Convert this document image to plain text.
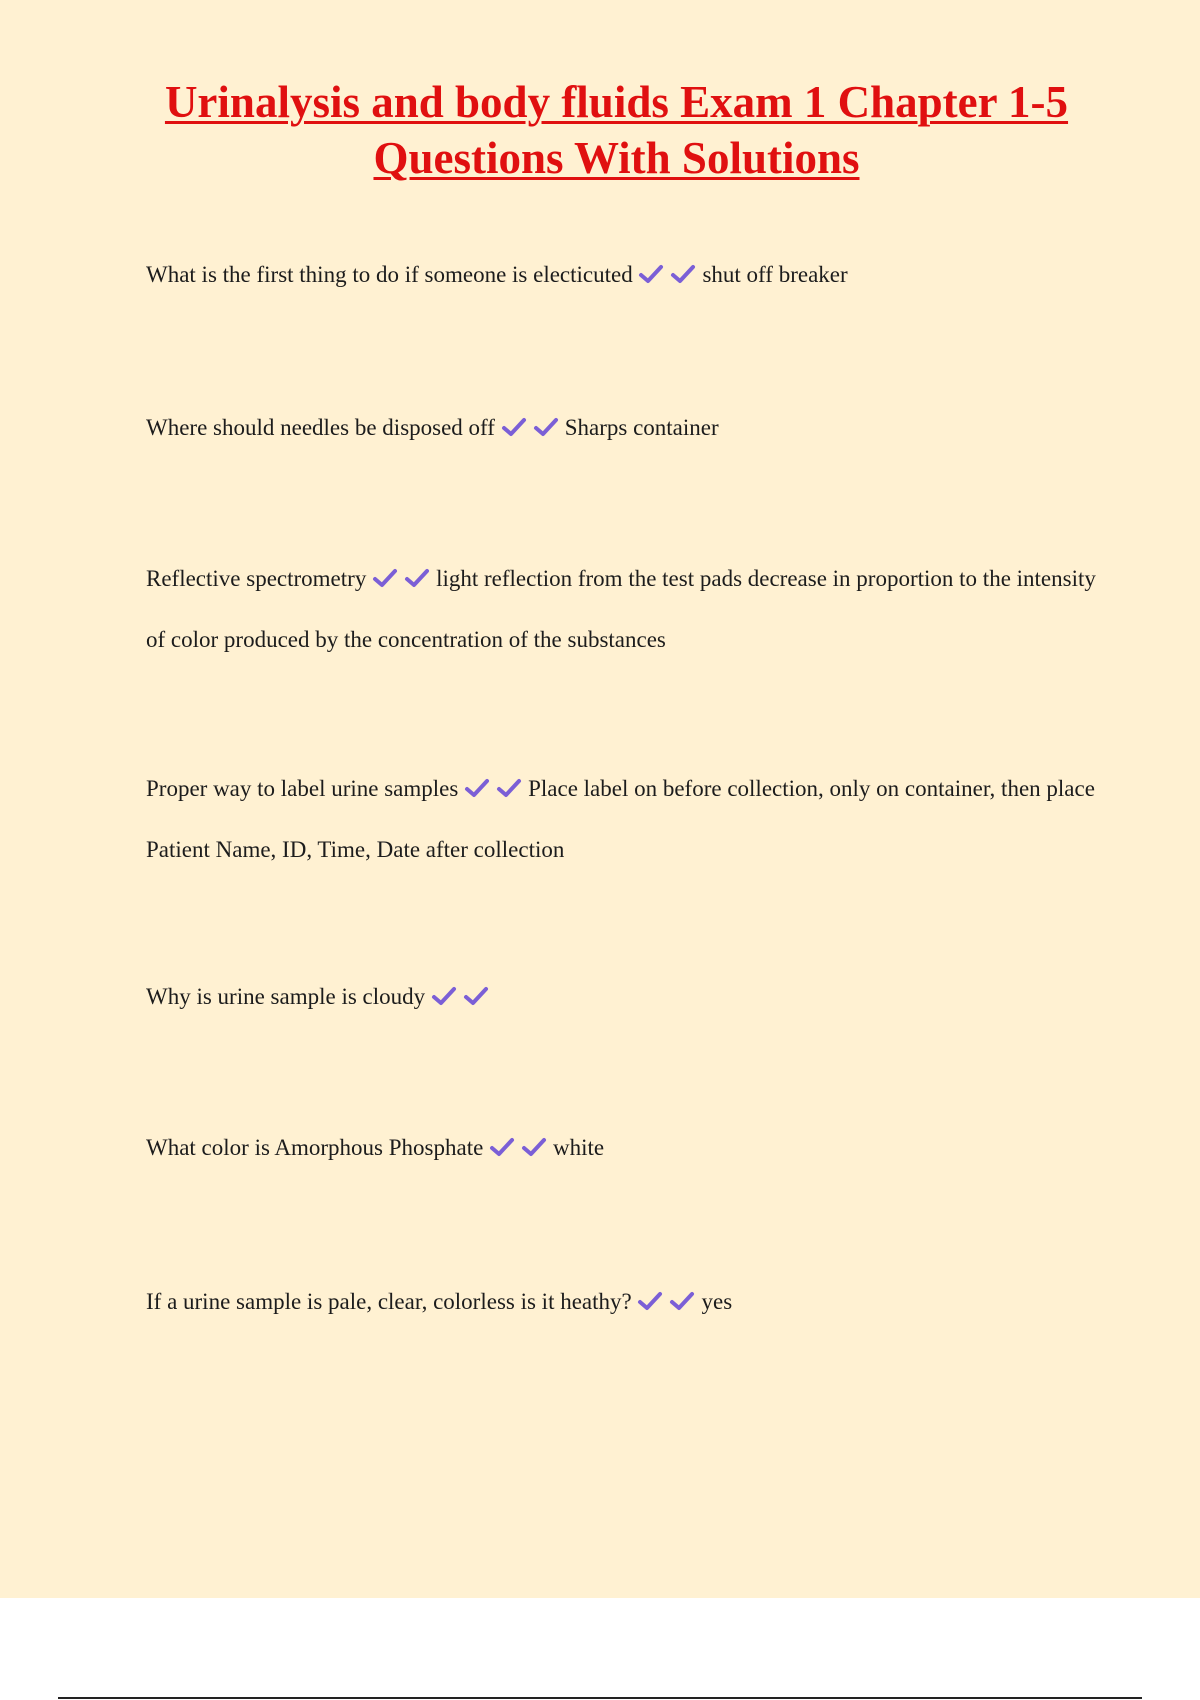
Urinalysis and body fluids Exam 1 Chapter 1-5 Questions With Solutions

What is the first thing to do if someone is electicuted	shut off breaker

Where should needles be disposed off	Sharps container

Reflective spectrometry	light reflection from the test pads decrease in proportion to the intensity of color produced by the concentration of the substances

Proper way to label urine samples	Place label on before collection, only on container, then place Patient Name, ID, Time, Date after collection

Why is urine sample is cloudy

What color is Amorphous Phosphate	white

If a urine sample is pale, clear, colorless is it heathy?	yes
